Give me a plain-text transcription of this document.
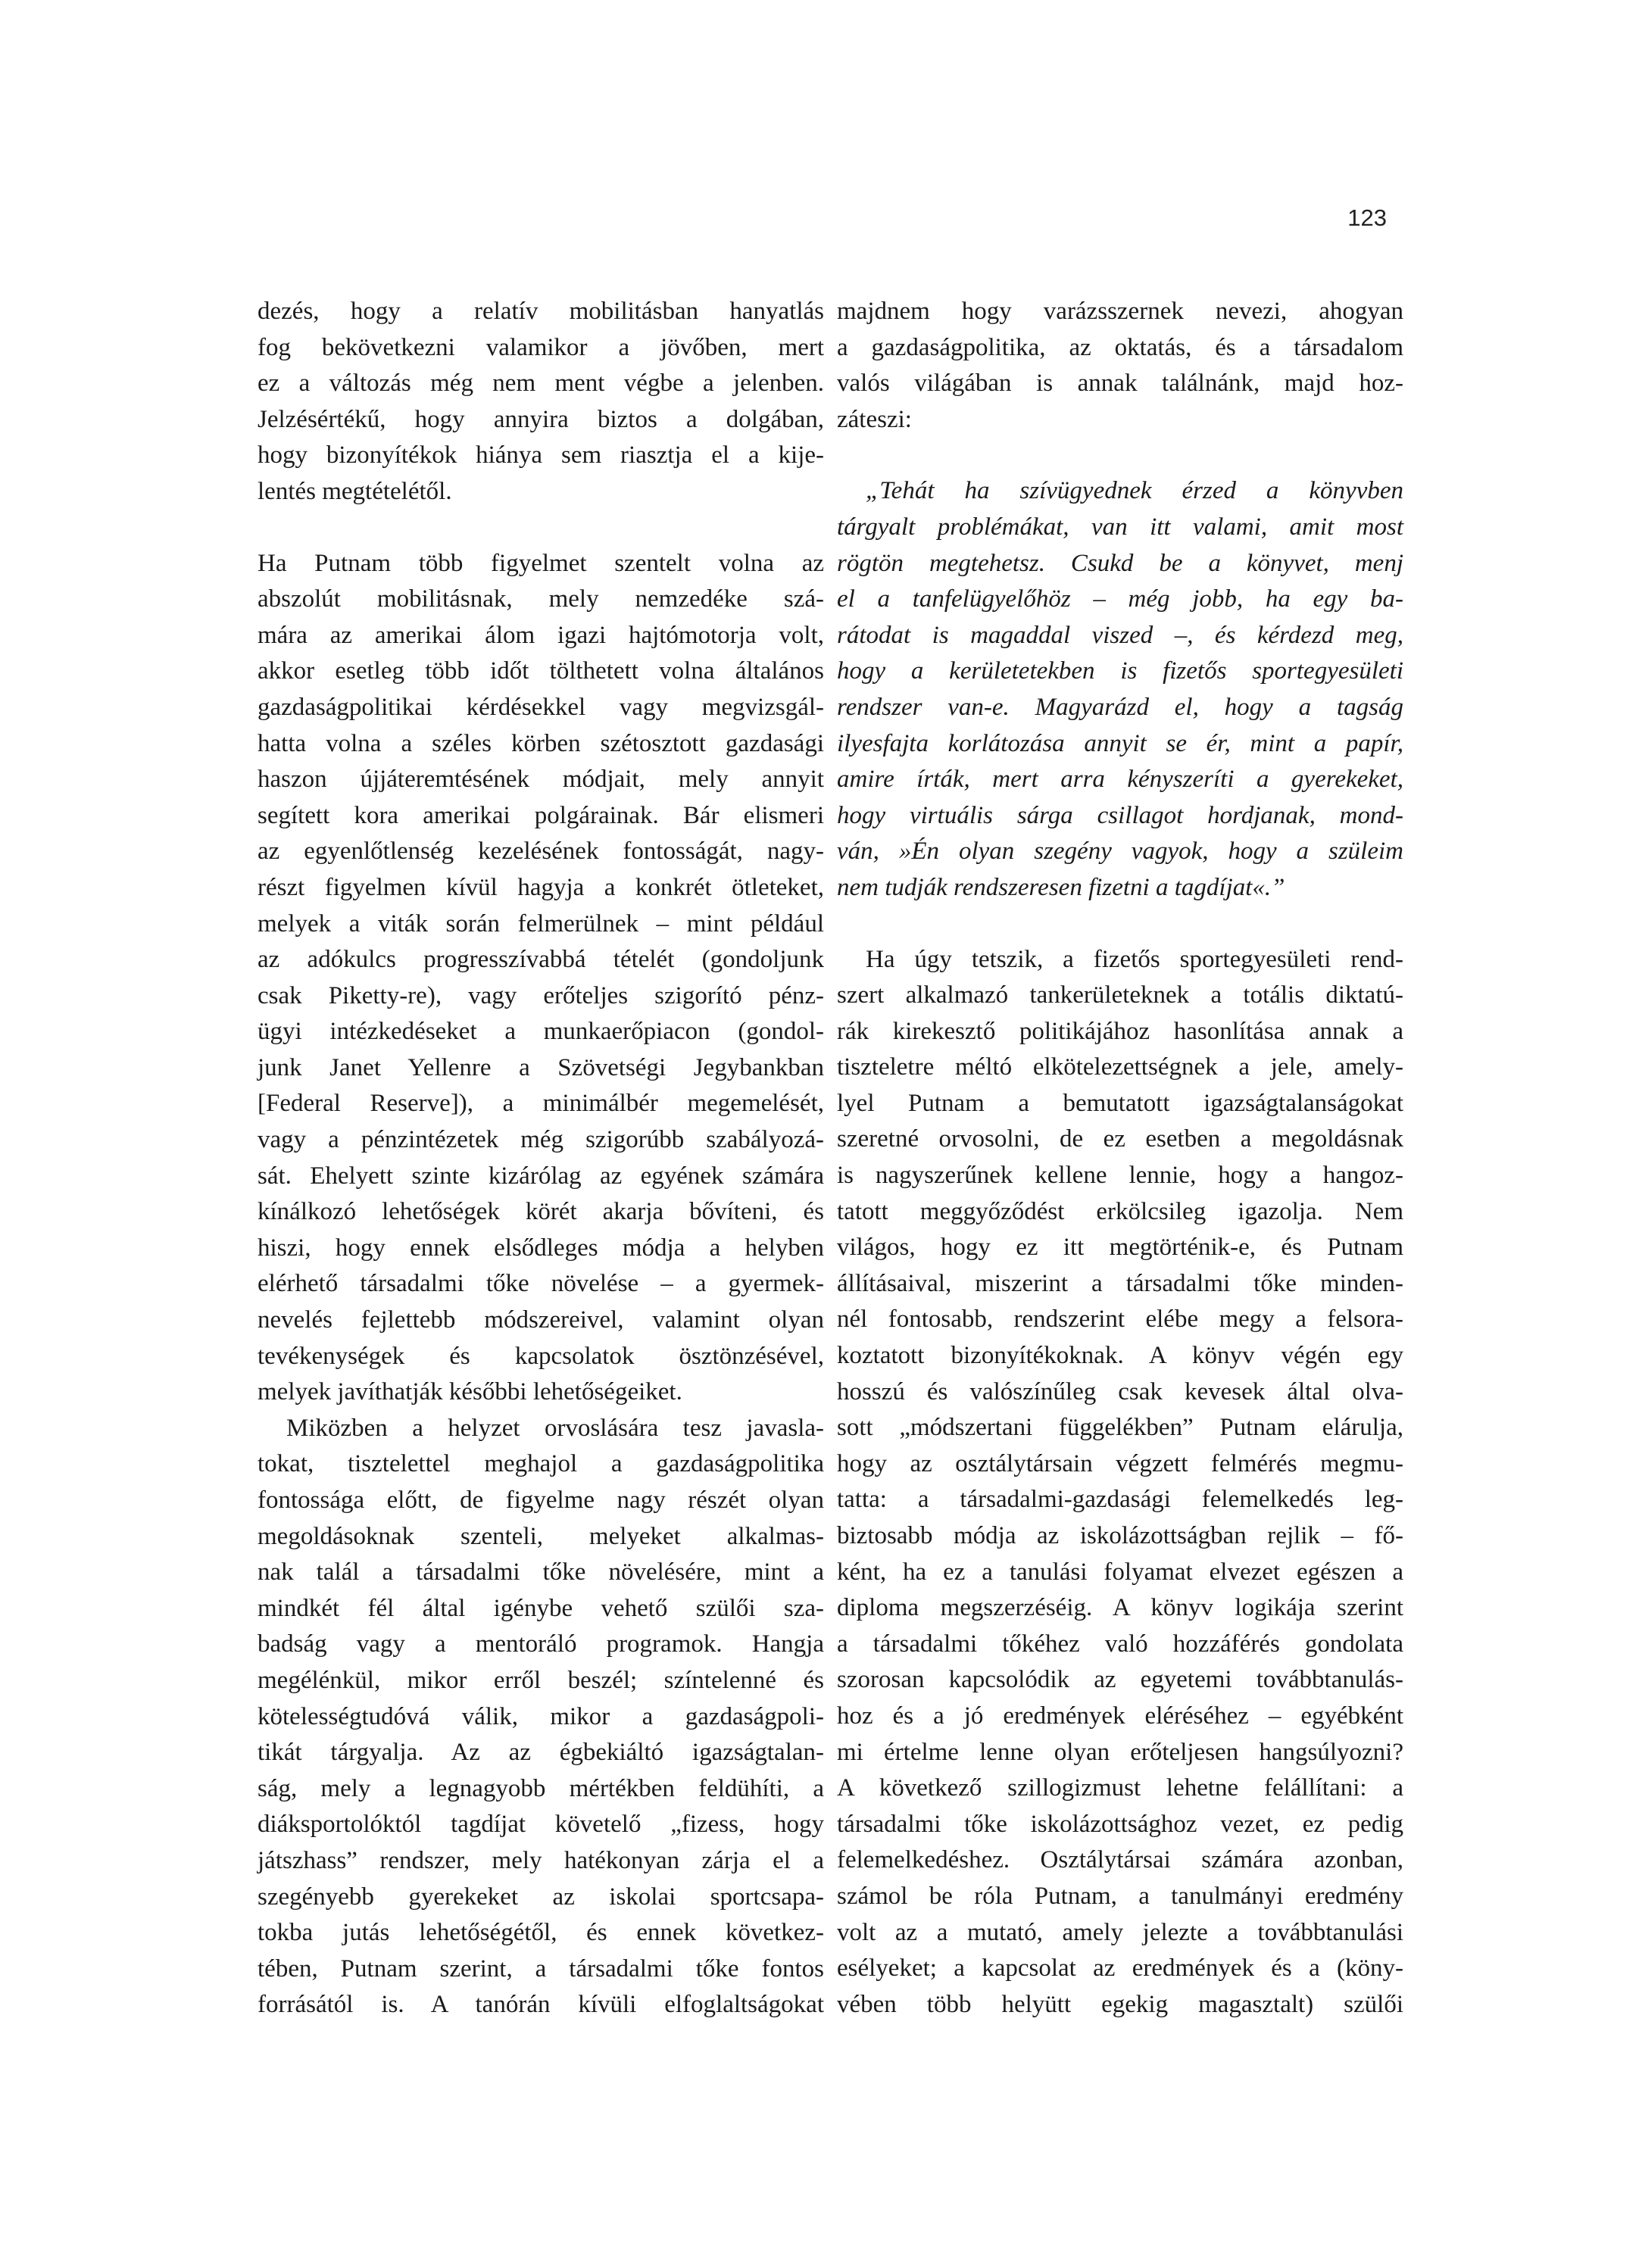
123
dezés, hogy a relatív mobilitásban hanyatlás
fog bekövetkezni valamikor a jövőben, mert
ez a változás még nem ment végbe a jelenben.
Jelzésértékű, hogy annyira biztos a dolgában,
hogy bizonyítékok hiánya sem riasztja el a kije-
lentés megtételétől.
Ha Putnam több figyelmet szentelt volna az
abszolút mobilitásnak, mely nemzedéke szá-
mára az amerikai álom igazi hajtómotorja volt,
akkor esetleg több időt tölthetett volna általános
gazdaságpolitikai kérdésekkel vagy megvizsgál-
hatta volna a széles körben szétosztott gazdasági
haszon újjáteremtésének módjait, mely annyit
segített kora amerikai polgárainak. Bár elismeri
az egyenlőtlenség kezelésének fontosságát, nagy-
részt figyelmen kívül hagyja a konkrét ötleteket,
melyek a viták során felmerülnek – mint például
az adókulcs progresszívabbá tételét (gondoljunk
csak Piketty-re), vagy erőteljes szigorító pénz-
ügyi intézkedéseket a munkaerőpiacon (gondol-
junk Janet Yellenre a Szövetségi Jegybankban
[Federal Reserve]), a minimálbér megemelését,
vagy a pénzintézetek még szigorúbb szabályozá-
sát. Ehelyett szinte kizárólag az egyének számára
kínálkozó lehetőségek körét akarja bővíteni, és
hiszi, hogy ennek elsődleges módja a helyben
elérhető társadalmi tőke növelése – a gyermek-
nevelés fejlettebb módszereivel, valamint olyan
tevékenységek és kapcsolatok ösztönzésével,
melyek javíthatják későbbi lehetőségeiket.
Miközben a helyzet orvoslására tesz javasla-
tokat, tisztelettel meghajol a gazdaságpolitika
fontossága előtt, de figyelme nagy részét olyan
megoldásoknak szenteli, melyeket alkalmas-
nak talál a társadalmi tőke növelésére, mint a
mindkét fél által igénybe vehető szülői sza-
badság vagy a mentoráló programok. Hangja
megélénkül, mikor erről beszél; színtelenné és
kötelességtudóvá válik, mikor a gazdaságpoli-
tikát tárgyalja. Az az égbekiáltó igazságtalan-
ság, mely a legnagyobb mértékben feldühíti, a
diáksportolóktól tagdíjat követelő „fizess, hogy
játszhass” rendszer, mely hatékonyan zárja el a
szegényebb gyerekeket az iskolai sportcsapa-
tokba jutás lehetőségétől, és ennek következ-
tében, Putnam szerint, a társadalmi tőke fontos
forrásától is. A tanórán kívüli elfoglaltságokat
majdnem hogy varázsszernek nevezi, ahogyan
a gazdaságpolitika, az oktatás, és a társadalom
valós világában is annak találnánk, majd hoz-
záteszi:
„Tehát ha szívügyednek érzed a könyvben
tárgyalt problémákat, van itt valami, amit most
rögtön megtehetsz. Csukd be a könyvet, menj
el a tanfelügyelőhöz – még jobb, ha egy ba-
rátodat is magaddal viszed –, és kérdezd meg,
hogy a kerületetekben is fizetős sportegyesületi
rendszer van-e. Magyarázd el, hogy a tagság
ilyesfajta korlátozása annyit se ér, mint a papír,
amire írták, mert arra kényszeríti a gyerekeket,
hogy virtuális sárga csillagot hordjanak, mond-
ván, »Én olyan szegény vagyok, hogy a szüleim
nem tudják rendszeresen fizetni a tagdíjat«.”
Ha úgy tetszik, a fizetős sportegyesületi rend-
szert alkalmazó tankerületeknek a totális diktatú-
rák kirekesztő politikájához hasonlítása annak a
tiszteletre méltó elkötelezettségnek a jele, amely-
lyel Putnam a bemutatott igazságtalanságokat
szeretné orvosolni, de ez esetben a megoldásnak
is nagyszerűnek kellene lennie, hogy a hangoz-
tatott meggyőződést erkölcsileg igazolja. Nem
világos, hogy ez itt megtörténik-e, és Putnam
állításaival, miszerint a társadalmi tőke minden-
nél fontosabb, rendszerint elébe megy a felsora-
koztatott bizonyítékoknak. A könyv végén egy
hosszú és valószínűleg csak kevesek által olva-
sott „módszertani függelékben” Putnam elárulja,
hogy az osztálytársain végzett felmérés megmu-
tatta: a társadalmi-gazdasági felemelkedés leg-
biztosabb módja az iskolázottságban rejlik – fő-
ként, ha ez a tanulási folyamat elvezet egészen a
diploma megszerzéséig. A könyv logikája szerint
a társadalmi tőkéhez való hozzáférés gondolata
szorosan kapcsolódik az egyetemi továbbtanulás-
hoz és a jó eredmények eléréséhez – egyébként
mi értelme lenne olyan erőteljesen hangsúlyozni?
A következő szillogizmust lehetne felállítani: a
társadalmi tőke iskolázottsághoz vezet, ez pedig
felemelkedéshez. Osztálytársai számára azonban,
számol be róla Putnam, a tanulmányi eredmény
volt az a mutató, amely jelezte a továbbtanulási
esélyeket; a kapcsolat az eredmények és a (köny-
vében több helyütt egekig magasztalt) szülői
